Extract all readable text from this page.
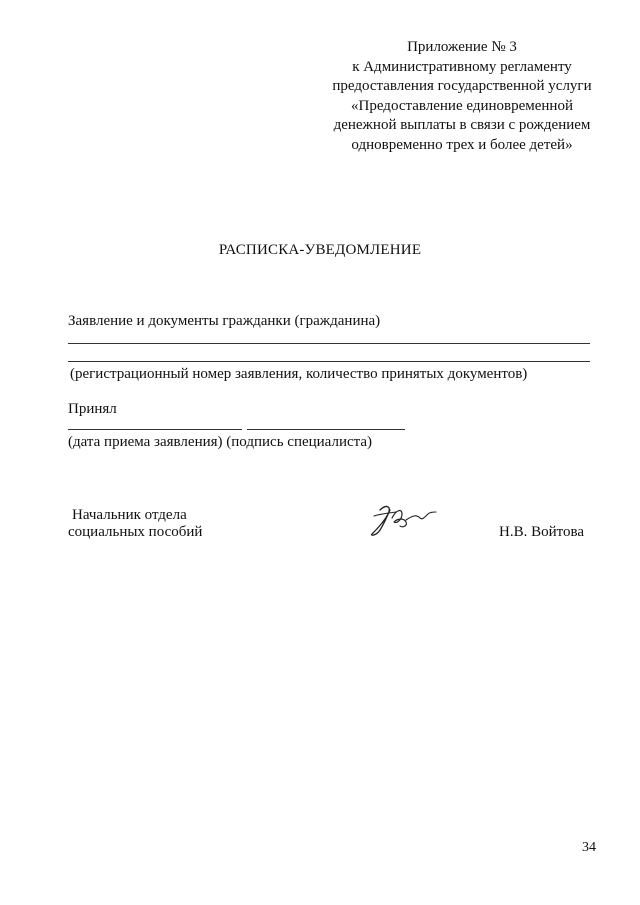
Приложение № 3
к Административному регламенту
предоставления государственной услуги
«Предоставление единовременной
денежной выплаты в связи с рождением
одновременно трех и более детей»
РАСПИСКА-УВЕДОМЛЕНИЕ
Заявление и документы гражданки (гражданина)
(регистрационный номер заявления, количество принятых документов)
Принял
(дата приема заявления) (подпись специалиста)
Начальник отдела
социальных пособий	Н.В. Войтова
34
